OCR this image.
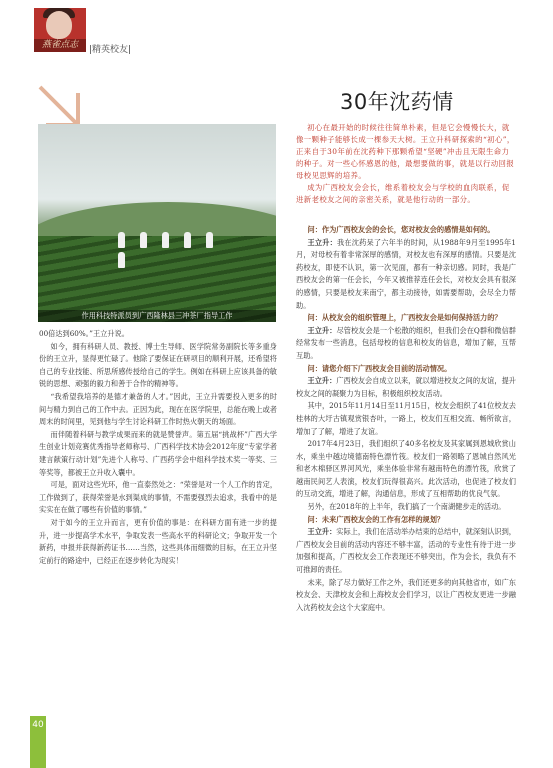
燕雀点志	|精英校友|
30年沈药情

初心在最开始的时候往往简单朴素，但是它会慢慢长大，就像一颗种子能够长成一棵参天大树。王立升科研探索的“初心”，正来自于30年前在沈药种下那颗希望“坚硬”冲击且无限生命力的种子。对一些心怀感恩的他，最想要做的事，就是以行动回报母校见思辉的培养。

成为广西校友会会长，维系着校友会与学校的血肉联系，促进新老校友之间的亲密关系，就是他行动的一部分。

作用科技特派员到广西隆林县三冲茶厂指导工作

00倍达到60%。”王立升说。

如今，拥有科研人员、教授、博士生导师、医学院常务副院长等多重身份的王立升，显得更忙碌了。他除了要保证在研项目的顺利开展，还希望将自己的专业技能、所思所感传授给自己的学生。例如在科研上应该具备的敏锐的思想、顽强的毅力和善于合作的精神等。

“我希望我培养的是德才兼备的人才。”因此，王立升需要投入更多的时间与精力到自己的工作中去。正因为此，现在在医学院里，总能在晚上或者周末的时间里，见到他与学生讨论科研工作时热火朝天的场面。

而伴随着科研与教学成果而来的就是赞誉声。第五届“挑战杯”广西大学生创业计划竞赛优秀指导老师称号、广西科学技术协会2012年度“专家学者建言献策行动计划”先进个人称号、广西药学会中组科学技术奖一等奖、三等奖等，都被王立升收入囊中。

可是，面对这些光环，他一直泰然处之：“荣誉是对一个人工作的肯定，工作做到了，获得荣誉是水到渠成的事情，不需要强烈去追求，我看中的是实实在在做了哪些有价值的事情。”

对于如今的王立升而言，更有价值的事是：在科研方面有进一步的提升，进一步提高学术水平，争取发表一些高水平的科研论文；争取开发一个新药，申报并获得新药证书……当然，这些具体而细微的目标，在王立升坚定前行的路途中，已经正在逐步转化为现实！

问：作为广西校友会的会长，您对校友会的感情是如何的。

王立升：我在沈药呆了六年半的时间，从1988年9月至1995年1月，对母校有着非常深厚的感情，对校友也有深厚的感情。只要是沈药校友，即使不认识，第一次见面，都有一种亲切感。同时，我是广西校友会的第一任会长，今年又被推荐连任会长，对校友会具有很深的感情，只要是校友来南宁，都主动接待，如需要帮助，会尽全力帮助。

问：从校友会的组织管理上，广西校友会是如何保持活力的？

王立升：尽管校友会是一个松散的组织，但我们会在Q群和微信群经常发布一些消息，包括母校的信息和校友的信息，增加了解，互帮互助。

问：请您介绍下广西校友会目前的活动情况。

王立升：广西校友会自成立以来，就以增进校友之间的友谊，提升校友之间的凝聚力为目标，积极组织校友活动。

其中，2015年11月14日至11月15日，校友会组织了41位校友去桂林的大圩古镇观赏银杏叶，一路上，校友们互相交流、畅所欲言，增加了了解，增进了友谊。

2017年4月23日，我们组织了40多名校友及其家属到恩城欣赏山水，乘坐中越边境德南特色漂竹筏。校友们一路领略了恩城自然风光和老木棉驿区界河风光，乘坐体验非常有越南特色的漂竹筏，欣赏了越南民间艺人表演，校友们玩得很高兴。此次活动，也促进了校友们的互动交流，增进了解，沟通信息，形成了互相帮助的优良气氛。

另外，在2018年的上半年，我们搞了一个南湖健步走的活动。

问：未来广西校友会的工作有怎样的规划？

王立升：实际上，我们在活动举办结束的总结中，就深刻认识到，广西校友会目前的活动内容还不够丰富，活动的专业性有待于进一步加强和提高，广西校友会工作表现还不够突出，作为会长，我负有不可推卸的责任。

未来，除了尽力做好工作之外，我们还更多的向其他省市，如广东校友会、天津校友会和上海校友会们学习，以让广西校友更进一步融入沈药校友会这个大家庭中。

40
